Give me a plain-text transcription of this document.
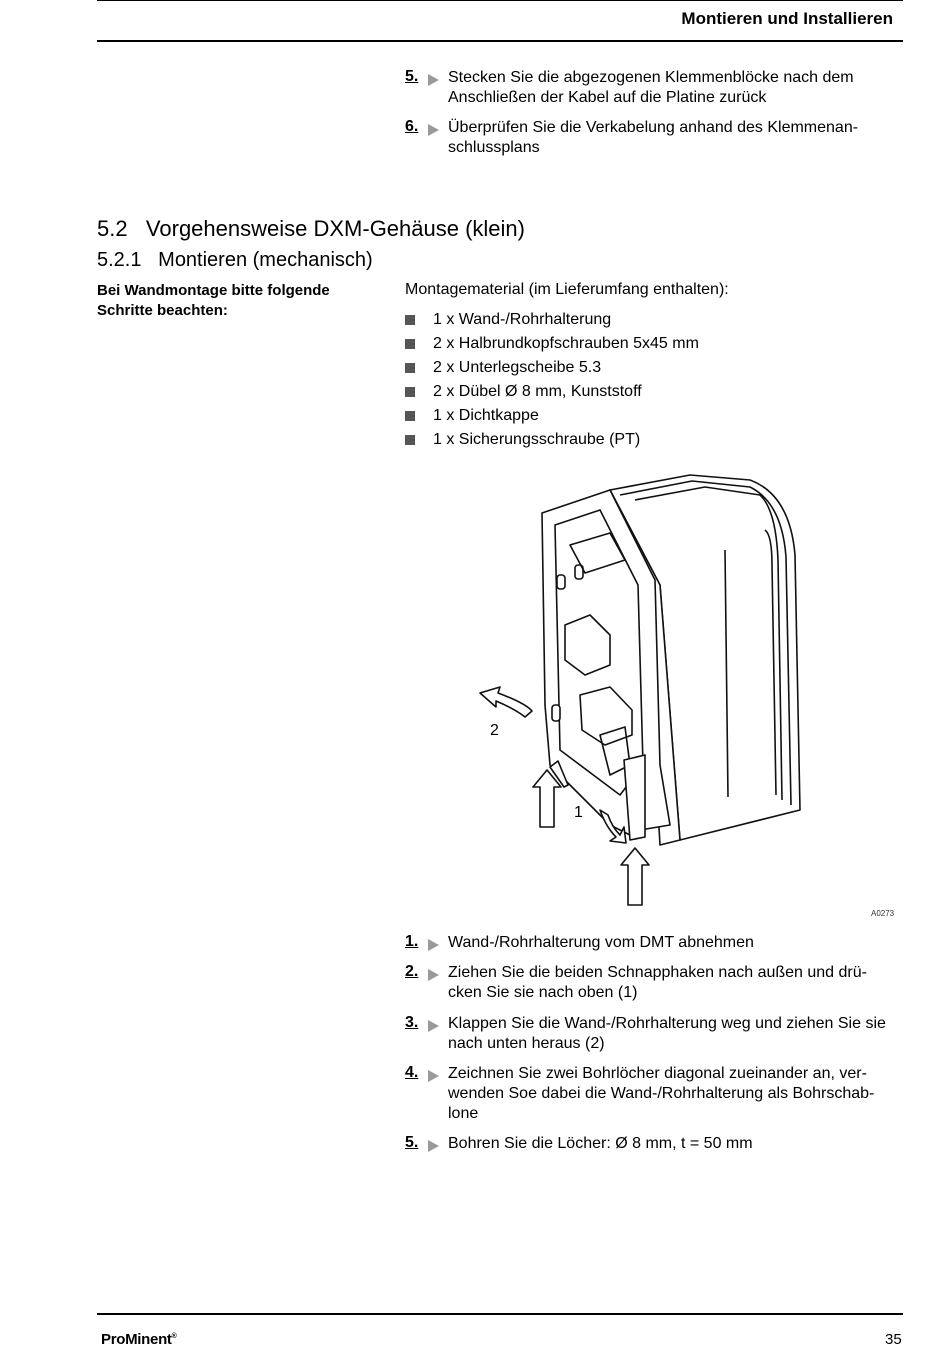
Montieren und Installieren
5. Stecken Sie die abgezogenen Klemmenblöcke nach dem Anschließen der Kabel auf die Platine zurück
6. Überprüfen Sie die Verkabelung anhand des Klemmenan-schlussplans
5.2   Vorgehensweise DXM-Gehäuse (klein)
5.2.1   Montieren (mechanisch)
Bei Wandmontage bitte folgende Schritte beachten:
Montagematerial (im Lieferumfang enthalten):
1 x Wand-/Rohrhalterung
2 x Halbrundkopfschrauben 5x45 mm
2 x Unterlegscheibe 5.3
2 x Dübel Ø 8 mm, Kunststoff
1 x Dichtkappe
1 x Sicherungsschraube (PT)
2
1
A0273
1. Wand-/Rohrhalterung vom DMT abnehmen
2. Ziehen Sie die beiden Schnapphaken nach außen und drü-cken Sie sie nach oben (1)
3. Klappen Sie die Wand-/Rohrhalterung weg und ziehen Sie sie nach unten heraus (2)
4. Zeichnen Sie zwei Bohrlöcher diagonal zueinander an, ver-wenden Soe dabei die Wand-/Rohrhalterung als Bohrschab-lone
5. Bohren Sie die Löcher: Ø 8 mm, t = 50 mm
ProMinent®	35
